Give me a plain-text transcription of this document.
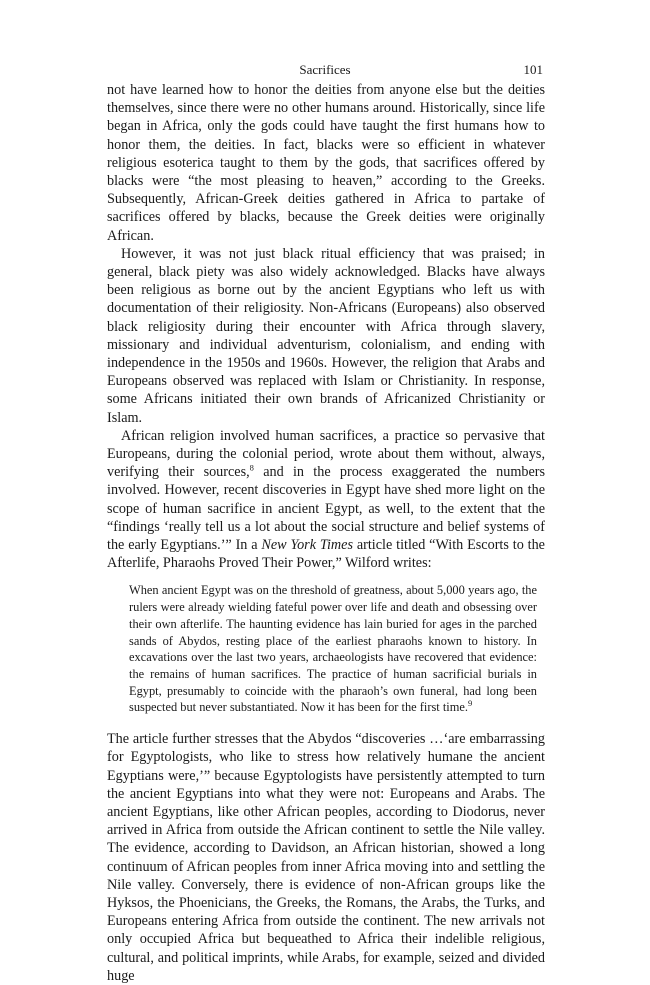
Sacrifices	101

not have learned how to honor the deities from anyone else but the deities themselves, since there were no other humans around. Historically, since life began in Africa, only the gods could have taught the first humans how to honor them, the deities. In fact, blacks were so efficient in whatever religious esoterica taught to them by the gods, that sacrifices offered by blacks were “the most pleasing to heaven,” according to the Greeks. Subsequently, African-Greek deities gathered in Africa to partake of sacrifices offered by blacks, because the Greek deities were originally African.

However, it was not just black ritual efficiency that was praised; in general, black piety was also widely acknowledged. Blacks have always been religious as borne out by the ancient Egyptians who left us with documentation of their religiosity. Non-Africans (Europeans) also observed black religiosity during their encounter with Africa through slavery, missionary and individual adventurism, colonialism, and ending with independence in the 1950s and 1960s. However, the religion that Arabs and Europeans observed was replaced with Islam or Christianity. In response, some Africans initiated their own brands of Africanized Christianity or Islam.

African religion involved human sacrifices, a practice so pervasive that Europeans, during the colonial period, wrote about them without, always, verifying their sources,$^8$ and in the process exaggerated the numbers involved. However, recent discoveries in Egypt have shed more light on the scope of human sacrifice in ancient Egypt, as well, to the extent that the “findings ‘really tell us a lot about the social structure and belief systems of the early Egyptians.’” In a New York Times article titled “With Escorts to the Afterlife, Pharaohs Proved Their Power,” Wilford writes:

When ancient Egypt was on the threshold of greatness, about 5,000 years ago, the rulers were already wielding fateful power over life and death and obsessing over their own afterlife. The haunting evidence has lain buried for ages in the parched sands of Abydos, resting place of the earliest pharaohs known to history. In excavations over the last two years, archaeologists have recovered that evidence: the remains of human sacrifices. The practice of human sacrificial burials in Egypt, presumably to coincide with the pharaoh’s own funeral, had long been suspected but never substantiated. Now it has been for the first time.$^9$

The article further stresses that the Abydos “discoveries …‘are embarrassing for Egyptologists, who like to stress how relatively humane the ancient Egyptians were,’” because Egyptologists have persistently attempted to turn the ancient Egyptians into what they were not: Europeans and Arabs. The ancient Egyptians, like other African peoples, according to Diodorus, never arrived in Africa from outside the African continent to settle the Nile valley. The evidence, according to Davidson, an African historian, showed a long continuum of African peoples from inner Africa moving into and settling the Nile valley. Conversely, there is evidence of non-African groups like the Hyksos, the Phoenicians, the Greeks, the Romans, the Arabs, the Turks, and Europeans entering Africa from outside the continent. The new arrivals not only occupied Africa but bequeathed to Africa their indelible religious, cultural, and political imprints, while Arabs, for example, seized and divided huge
